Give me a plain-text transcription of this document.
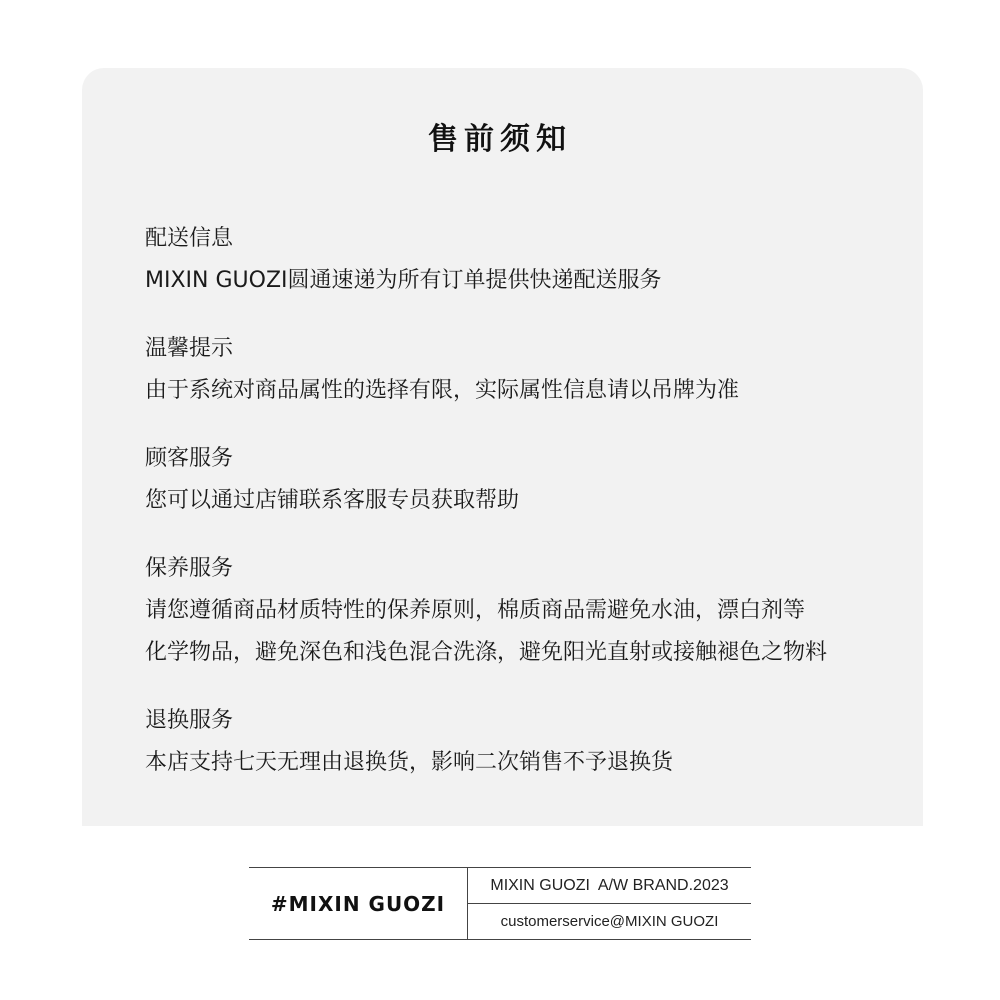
售前须知
配送信息
MIXIN GUOZI圆通速递为所有订单提供快递配送服务
温馨提示
由于系统对商品属性的选择有限，实际属性信息请以吊牌为准
顾客服务
您可以通过店铺联系客服专员获取帮助
保养服务
请您遵循商品材质特性的保养原则，棉质商品需避免水油，漂白剂等
化学物品，避免深色和浅色混合洗涤，避免阳光直射或接触褪色之物料
退换服务
本店支持七天无理由退换货，影响二次销售不予退换货
#MIXIN GUOZI
MIXIN GUOZI  A/W BRAND.2023
customerservice@MIXIN GUOZI
